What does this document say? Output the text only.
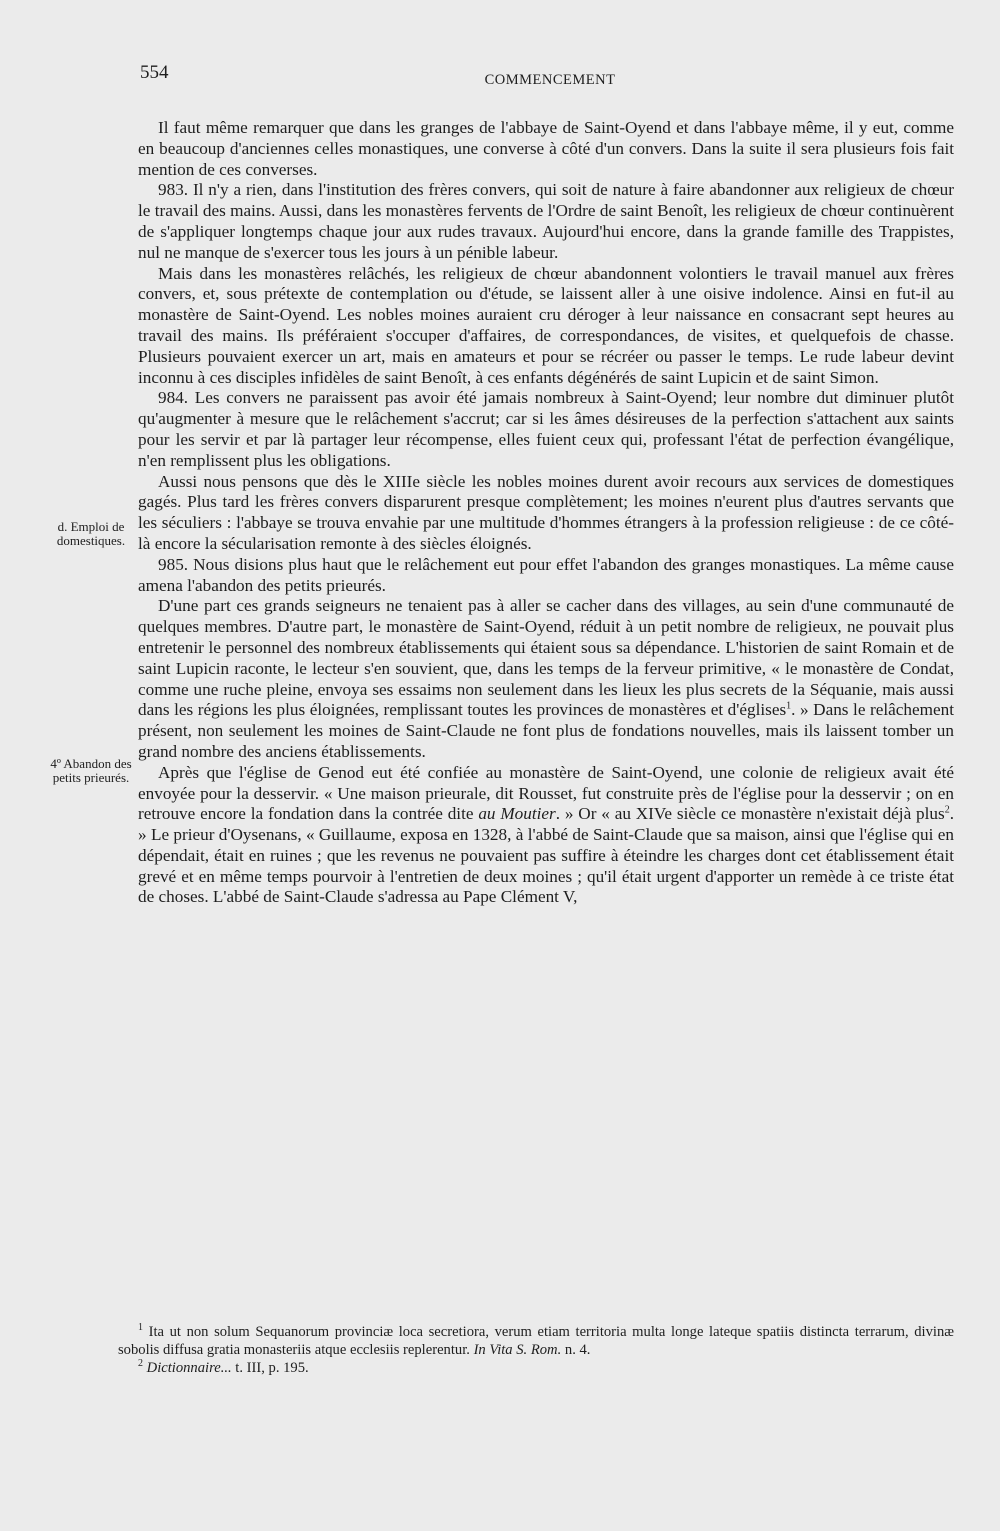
554	COMMENCEMENT
d. Emploi de domestiques.
4º Abandon des petits prieurés.

Il faut même remarquer que dans les granges de l'abbaye de Saint-Oyend et dans l'abbaye même, il y eut, comme en beaucoup d'anciennes celles monastiques, une converse à côté d'un convers. Dans la suite il sera plusieurs fois fait mention de ces converses.

983. Il n'y a rien, dans l'institution des frères convers, qui soit de nature à faire abandonner aux religieux de chœur le travail des mains. Aussi, dans les monastères fervents de l'Ordre de saint Benoît, les religieux de chœur continuèrent de s'appliquer longtemps chaque jour aux rudes travaux. Aujourd'hui encore, dans la grande famille des Trappistes, nul ne manque de s'exercer tous les jours à un pénible labeur.

Mais dans les monastères relâchés, les religieux de chœur abandonnent volontiers le travail manuel aux frères convers, et, sous prétexte de contemplation ou d'étude, se laissent aller à une oisive indolence. Ainsi en fut-il au monastère de Saint-Oyend. Les nobles moines auraient cru déroger à leur naissance en consacrant sept heures au travail des mains. Ils préféraient s'occuper d'affaires, de correspondances, de visites, et quelquefois de chasse. Plusieurs pouvaient exercer un art, mais en amateurs et pour se récréer ou passer le temps. Le rude labeur devint inconnu à ces disciples infidèles de saint Benoît, à ces enfants dégénérés de saint Lupicin et de saint Simon.

984. Les convers ne paraissent pas avoir été jamais nombreux à Saint-Oyend; leur nombre dut diminuer plutôt qu'augmenter à mesure que le relâchement s'accrut; car si les âmes désireuses de la perfection s'attachent aux saints pour les servir et par là partager leur récompense, elles fuient ceux qui, professant l'état de perfection évangélique, n'en remplissent plus les obligations.

Aussi nous pensons que dès le XIIIe siècle les nobles moines durent avoir recours aux services de domestiques gagés. Plus tard les frères convers disparurent presque complètement; les moines n'eurent plus d'autres servants que les séculiers : l'abbaye se trouva envahie par une multitude d'hommes étrangers à la profession religieuse : de ce côté-là encore la sécularisation remonte à des siècles éloignés.

985. Nous disions plus haut que le relâchement eut pour effet l'abandon des granges monastiques. La même cause amena l'abandon des petits prieurés.

D'une part ces grands seigneurs ne tenaient pas à aller se cacher dans des villages, au sein d'une communauté de quelques membres. D'autre part, le monastère de Saint-Oyend, réduit à un petit nombre de religieux, ne pouvait plus entretenir le personnel des nombreux établissements qui étaient sous sa dépendance. L'historien de saint Romain et de saint Lupicin raconte, le lecteur s'en souvient, que, dans les temps de la ferveur primitive, « le monastère de Condat, comme une ruche pleine, envoya ses essaims non seulement dans les lieux les plus secrets de la Séquanie, mais aussi dans les régions les plus éloignées, remplissant toutes les provinces de monastères et d'églises$^1$. » Dans le relâchement présent, non seulement les moines de Saint-Claude ne font plus de fondations nouvelles, mais ils laissent tomber un grand nombre des anciens établissements.

Après que l'église de Genod eut été confiée au monastère de Saint-Oyend, une colonie de religieux avait été envoyée pour la desservir. « Une maison prieurale, dit Rousset, fut construite près de l'église pour la desservir ; on en retrouve encore la fondation dans la contrée dite au Moutier. » Or « au XIVe siècle ce monastère n'existait déjà plus$^2$. » Le prieur d'Oysenans, « Guillaume, exposa en 1328, à l'abbé de Saint-Claude que sa maison, ainsi que l'église qui en dépendait, était en ruines ; que les revenus ne pouvaient pas suffire à éteindre les charges dont cet établissement était grevé et en même temps pourvoir à l'entretien de deux moines ; qu'il était urgent d'apporter un remède à ce triste état de choses. L'abbé de Saint-Claude s'adressa au Pape Clément V,

$^1$ Ita ut non solum Sequanorum provinciæ loca secretiora, verum etiam territoria multa longe lateque spatiis distincta terrarum, divinæ sobolis diffusa gratia monasteriis atque ecclesiis replerentur. In Vita S. Rom. n. 4.

$^2$ Dictionnaire... t. III, p. 195.
